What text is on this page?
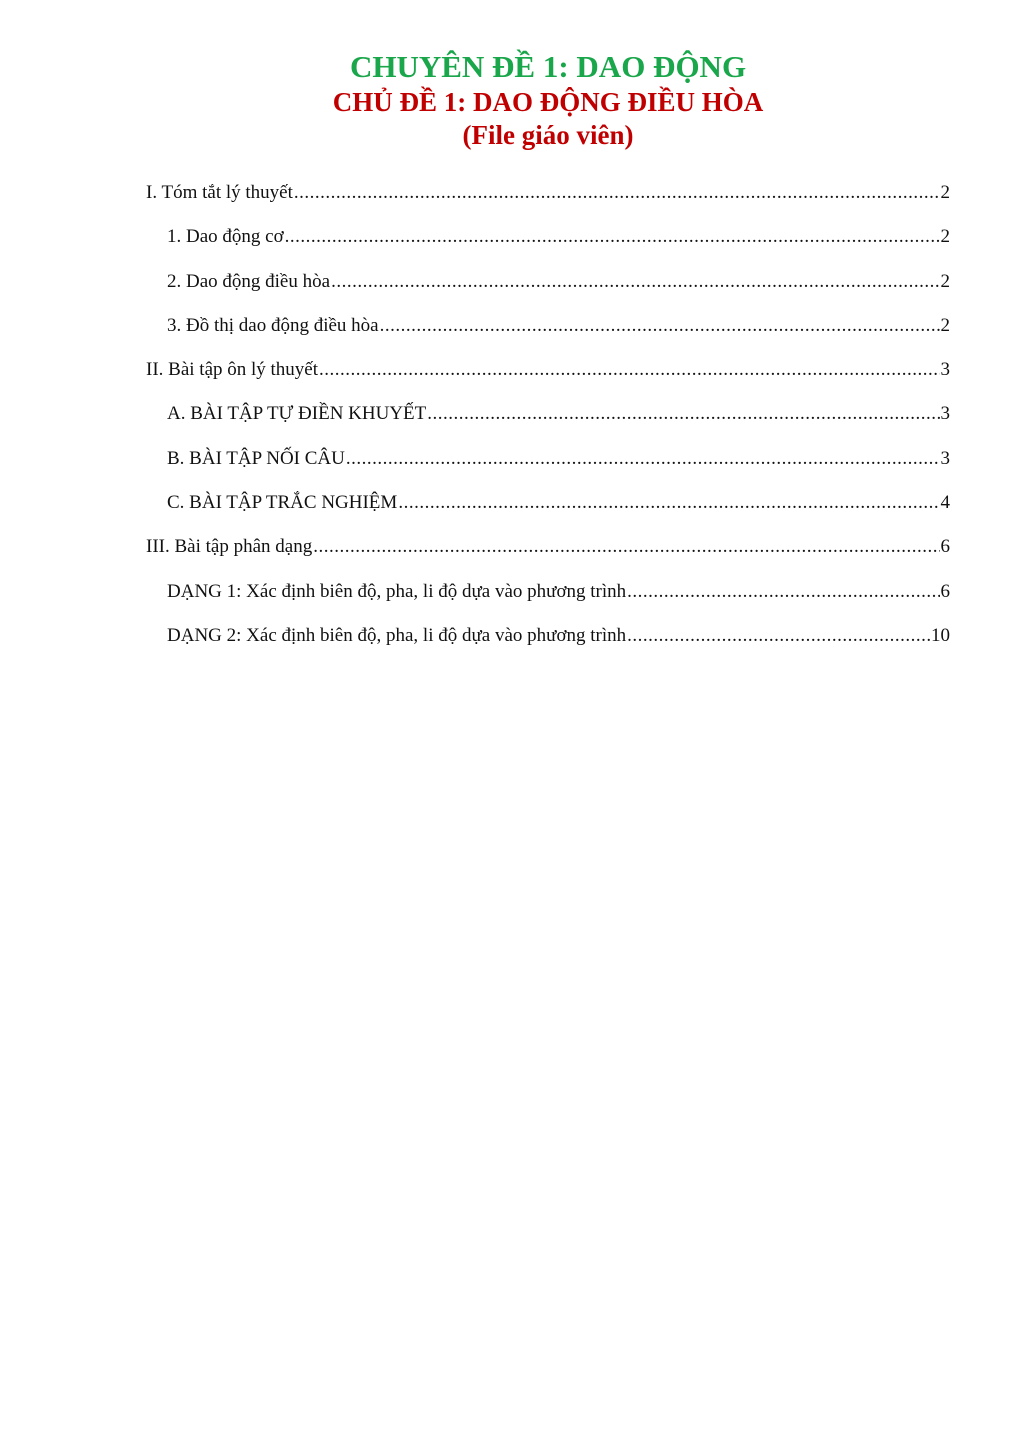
CHUYÊN ĐỀ 1: DAO ĐỘNG

CHỦ ĐỀ 1: DAO ĐỘNG ĐIỀU HÒA

(File giáo viên)

I. Tóm tắt lý thuyết .....	2
1. Dao động cơ .....	2
2. Dao động điều hòa .....	2
3. Đồ thị dao động điều hòa .....	2
II. Bài tập ôn lý thuyết .....	3
A. BÀI TẬP TỰ ĐIỀN KHUYẾT .....	3
B. BÀI TẬP NỐI CÂU .....	3
C. BÀI TẬP TRẮC NGHIỆM .....	4
III. Bài tập phân dạng .....	6
DẠNG 1: Xác định biên độ, pha, li độ dựa vào phương trình .....	6
DẠNG 2: Xác định biên độ, pha, li độ dựa vào phương trình .....	10
